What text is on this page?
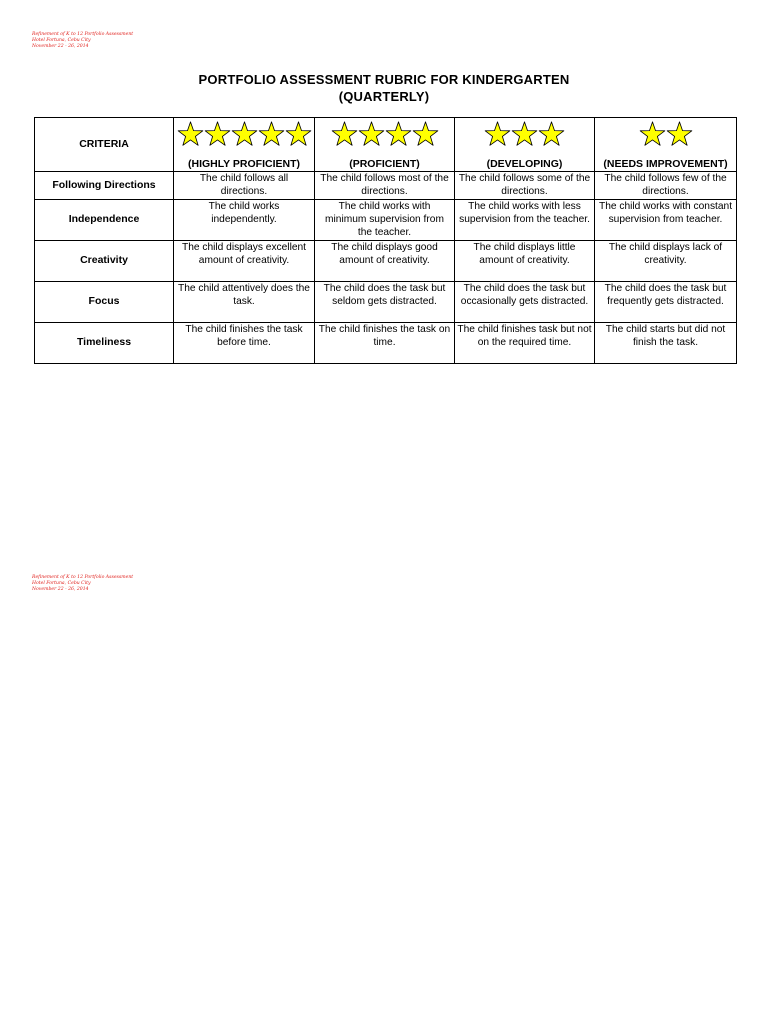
Refinement of K to 12 Portfolio Assessment
Hotel Fortuna, Cebu City
November 22 - 26, 2014
PORTFOLIO ASSESSMENT RUBRIC FOR KINDERGARTEN
(QUARTERLY)
CRITERIA	(HIGHLY PROFICIENT)	(PROFICIENT)	(DEVELOPING)	(NEEDS IMPROVEMENT)

Following Directions	The child follows all directions.	The child follows most of the directions.	The child follows some of the directions.	The child follows few of the directions.
Independence	The child works independently.	The child works with minimum supervision from the teacher.	The child works with less supervision from the teacher.	The child works with constant supervision from teacher.
Creativity	The child displays excellent amount of creativity.	The child displays good amount of creativity.	The child displays little amount of creativity.	The child displays lack of creativity.
Focus	The child attentively does the task.	The child does the task but seldom gets distracted.	The child does the task but occasionally gets distracted.	The child does the task but frequently gets distracted.
Timeliness	The child finishes the task before time.	The child finishes the task on time.	The child finishes task but not on the required time.	The child starts but did not finish the task.
Refinement of K to 12 Portfolio Assessment
Hotel Fortuna, Cebu City
November 22 - 26, 2014
